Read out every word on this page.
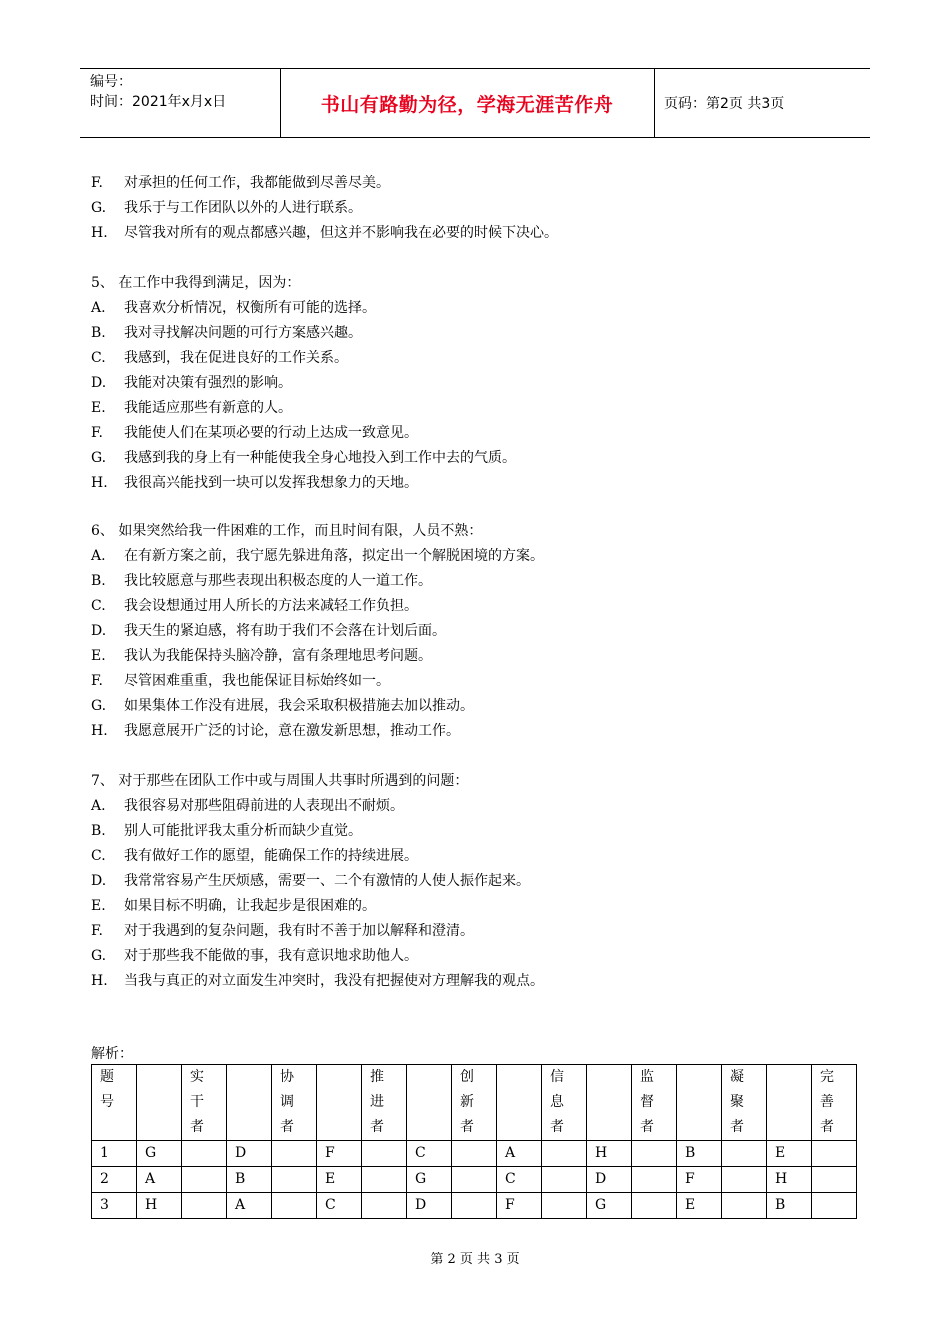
编号：
时间：2021年x月x日	书山有路勤为径，学海无涯苦作舟	页码：第2页 共3页
F. 对承担的任何工作，我都能做到尽善尽美。
G. 我乐于与工作团队以外的人进行联系。
H. 尽管我对所有的观点都感兴趣，但这并不影响我在必要的时候下决心。
5、 在工作中我得到满足，因为：
A. 我喜欢分析情况，权衡所有可能的选择。
B. 我对寻找解决问题的可行方案感兴趣。
C. 我感到，我在促进良好的工作关系。
D. 我能对决策有强烈的影响。
E. 我能适应那些有新意的人。
F. 我能使人们在某项必要的行动上达成一致意见。
G. 我感到我的身上有一种能使我全身心地投入到工作中去的气质。
H. 我很高兴能找到一块可以发挥我想象力的天地。
6、 如果突然给我一件困难的工作，而且时间有限，人员不熟：
A. 在有新方案之前，我宁愿先躲进角落，拟定出一个解脱困境的方案。
B. 我比较愿意与那些表现出积极态度的人一道工作。
C. 我会设想通过用人所长的方法来减轻工作负担。
D. 我天生的紧迫感，将有助于我们不会落在计划后面。
E. 我认为我能保持头脑冷静，富有条理地思考问题。
F. 尽管困难重重，我也能保证目标始终如一。
G. 如果集体工作没有进展，我会采取积极措施去加以推动。
H. 我愿意展开广泛的讨论，意在激发新思想，推动工作。
7、 对于那些在团队工作中或与周围人共事时所遇到的问题：
A. 我很容易对那些阻碍前进的人表现出不耐烦。
B. 别人可能批评我太重分析而缺少直觉。
C. 我有做好工作的愿望，能确保工作的持续进展。
D. 我常常容易产生厌烦感，需要一、二个有激情的人使人振作起来。
E. 如果目标不明确，让我起步是很困难的。
F. 对于我遇到的复杂问题，我有时不善于加以解释和澄清。
G. 对于那些我不能做的事，我有意识地求助他人。
H. 当我与真正的对立面发生冲突时，我没有把握使对方理解我的观点。
解析：
题号		实干者		协调者		推进者		创新者		信息者		监督者		凝聚者		完善者

1	G		D		F		C		A		H		B		E	
2	A		B		E		G		C		D		F		H	
3	H		A		C		D		F		G		E		B	
第 2 页 共 3 页
